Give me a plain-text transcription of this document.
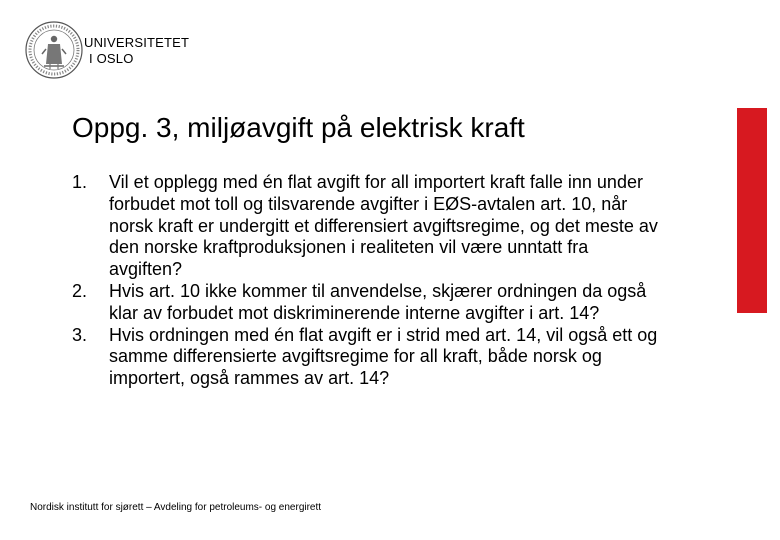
UNIVERSITETET
I OSLO
Oppg. 3, miljøavgift på elektrisk kraft
1. Vil et opplegg med én flat avgift for all importert kraft falle inn under forbudet mot toll og tilsvarende avgifter i EØS-avtalen art. 10, når norsk kraft er undergitt et differensiert avgiftsregime, og det meste av den norske kraftproduksjonen i realiteten vil være unntatt fra avgiften?
2. Hvis art. 10 ikke kommer til anvendelse, skjærer ordningen da også klar av forbudet mot diskriminerende interne avgifter i art. 14?
3. Hvis ordningen med én flat avgift er i strid med art. 14, vil også ett og samme differensierte avgiftsregime for all kraft, både norsk og importert, også rammes av art. 14?
Nordisk institutt for sjørett – Avdeling for petroleums- og energirett
